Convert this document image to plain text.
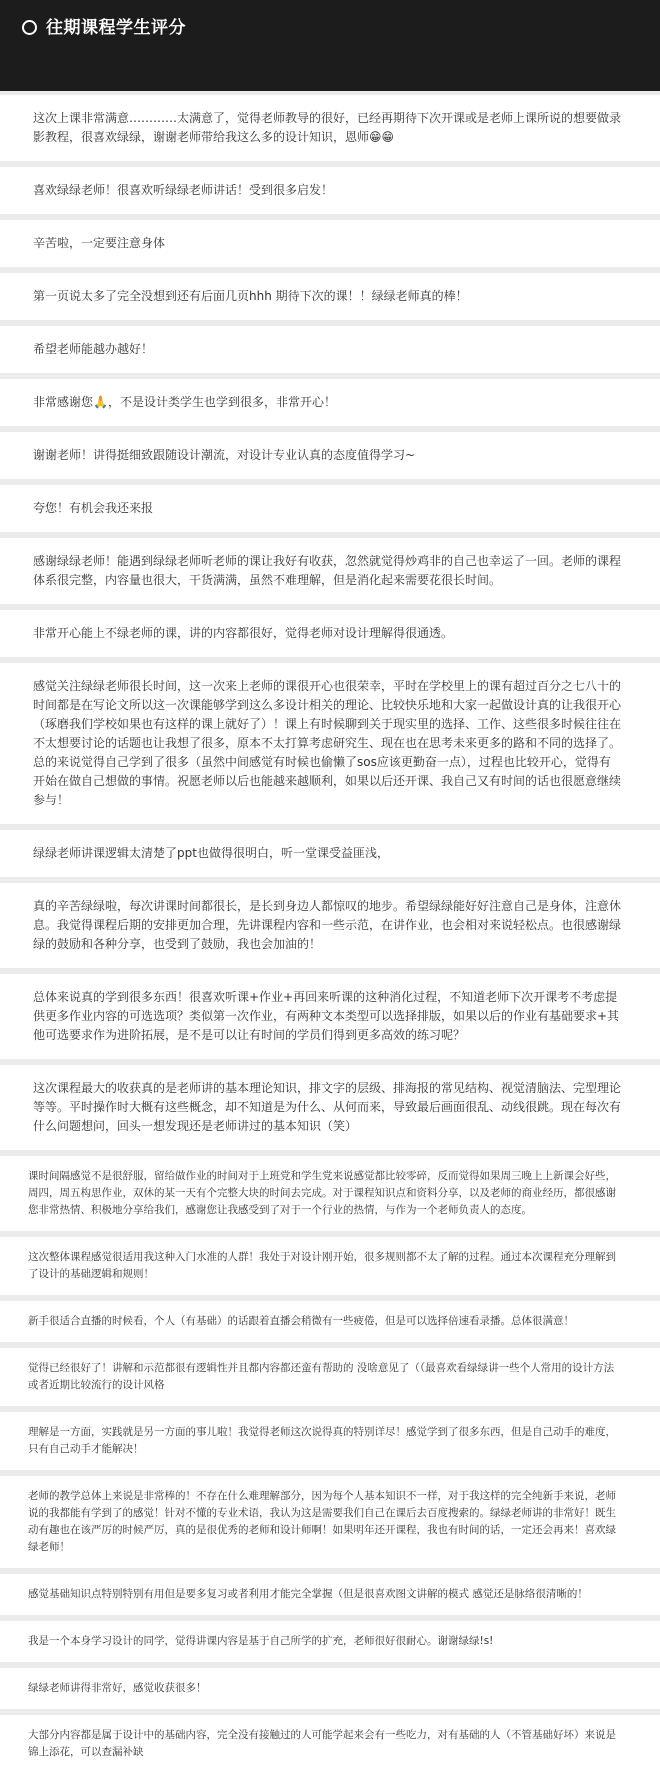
往期课程学生评分
这次上课非常满意…………太满意了，觉得老师教导的很好，已经再期待下次开课或是老师上课所说的想要做录影教程，很喜欢绿绿，谢谢老师带给我这么多的设计知识，恩师😁😁
喜欢绿绿老师！很喜欢听绿绿老师讲话！受到很多启发！
辛苦啦，一定要注意身体
第一页说太多了完全没想到还有后面几页hhh 期待下次的课！！绿绿老师真的棒！
希望老师能越办越好！
非常感谢您🙏，不是设计类学生也学到很多，非常开心！
谢谢老师！讲得挺细致跟随设计潮流，对设计专业认真的态度值得学习~
夸您！有机会我还来报
感谢绿绿老师！能遇到绿绿老师听老师的课让我好有收获，忽然就觉得炒鸡非的自己也幸运了一回。老师的课程体系很完整，内容量也很大，干货满满，虽然不难理解，但是消化起来需要花很长时间。
非常开心能上不绿老师的课，讲的内容都很好，觉得老师对设计理解得很通透。
感觉关注绿绿老师很长时间，这一次来上老师的课很开心也很荣幸，平时在学校里上的课有超过百分之七八十的时间都是在写论文所以这一次课能够学到这么多设计相关的理论、比较快乐地和大家一起做设计真的让我很开心（琢磨我们学校如果也有这样的课上就好了）！课上有时候聊到关于现实里的选择、工作、这些很多时候往往在不太想要讨论的话题也让我想了很多，原本不太打算考虑研究生、现在也在思考未来更多的路和不同的选择了。总的来说觉得自己学到了很多（虽然中间感觉有时候也偷懒了sos应该更勤奋一点），过程也比较开心，觉得有开始在做自己想做的事情。祝愿老师以后也能越来越顺利，如果以后还开课、我自己又有时间的话也很愿意继续参与！
绿绿老师讲课逻辑太清楚了ppt也做得很明白，听一堂课受益匪浅，
真的辛苦绿绿啦，每次讲课时间都很长，是长到身边人都惊叹的地步。希望绿绿能好好注意自己是身体，注意休息。我觉得课程后期的安排更加合理，先讲课程内容和一些示范，在讲作业，也会相对来说轻松点。也很感谢绿绿的鼓励和各种分享，也受到了鼓励，我也会加油的！
总体来说真的学到很多东西！很喜欢听课+作业+再回来听课的这种消化过程，不知道老师下次开课考不考虑提供更多作业内容的可选选项？类似第一次作业，有两种文本类型可以选择排版，如果以后的作业有基础要求+其他可选要求作为进阶拓展，是不是可以让有时间的学员们得到更多高效的练习呢？
这次课程最大的收获真的是老师讲的基本理论知识，排文字的层级、排海报的常见结构、视觉清脑法、完型理论等等。平时操作时大概有这些概念，却不知道是为什么、从何而来，导致最后画面很乱、动线很跳。现在每次有什么问题想问，回头一想发现还是老师讲过的基本知识（笑）
课时间隔感觉不是很舒服，留给做作业的时间对于上班党和学生党来说感觉都比较零碎，反而觉得如果周三晚上上新课会好些，周四，周五构思作业，双休的某一天有个完整大块的时间去完成。对于课程知识点和资料分享，以及老师的商业经历，都很感谢您非常热情、积极地分享给我们，感谢您让我感受到了对于一个行业的热情，与作为一个老师负责人的态度。
这次整体课程感觉很适用我这种入门水准的人群！我处于对设计刚开始，很多规则都不太了解的过程。通过本次课程充分理解到了设计的基础逻辑和规则！
新手很适合直播的时候看，个人（有基础）的话跟着直播会稍微有一些疲倦，但是可以选择倍速看录播。总体很满意！
觉得已经很好了！讲解和示范都很有逻辑性并且都内容都还蛮有帮助的 没啥意见了（（最喜欢看绿绿讲一些个人常用的设计方法或者近期比较流行的设计风格
理解是一方面，实践就是另一方面的事儿啦！我觉得老师这次说得真的特别详尽！感觉学到了很多东西，但是自己动手的难度，只有自己动手才能解决！
老师的教学总体上来说是非常棒的！不存在什么难理解部分，因为每个人基本知识不一样，对于我这样的完全纯新手来说，老师说的我都能有学到了的感觉！针对不懂的专业术语，我认为这是需要我们自己在课后去百度搜索的。绿绿老师讲的非常好！既生动有趣也在该严厉的时候严厉，真的是很优秀的老师和设计师啊！如果明年还开课程，我也有时间的话，一定还会再来！喜欢绿绿老师！
感觉基础知识点特别特别有用但是要多复习或者利用才能完全掌握（但是很喜欢图文讲解的模式 感觉还是脉络很清晰的！
我是一个本身学习设计的同学，觉得讲课内容是基于自己所学的扩充，老师很好很耐心。谢谢绿绿!s!
绿绿老师讲得非常好，感觉收获很多！
大部分内容都是属于设计中的基础内容，完全没有接触过的人可能学起来会有一些吃力，对有基础的人（不管基础好坏）来说是锦上添花，可以查漏补缺
